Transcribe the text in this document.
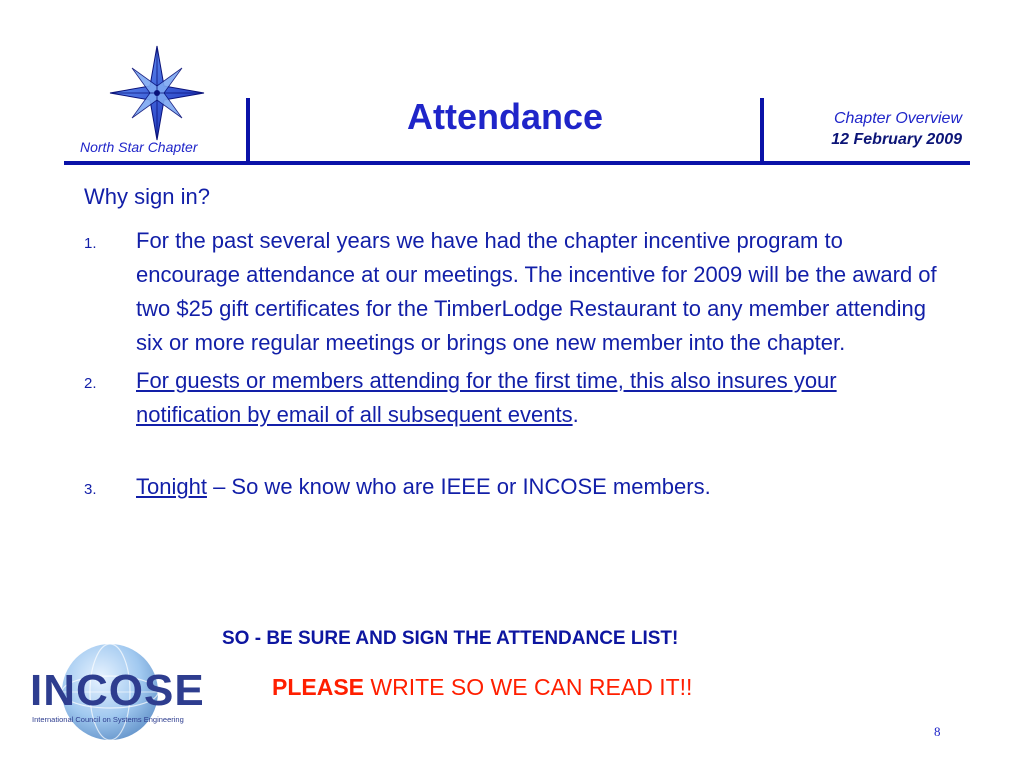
North Star Chapter
Attendance	Chapter Overview
12 February 2009
Why sign in?
1. For the past several years we have had the chapter incentive program to encourage attendance at our meetings. The incentive for 2009 will be the award of two $25 gift certificates for the TimberLodge Restaurant to any member attending six or more regular meetings or brings one new member into the chapter.
2. For guests or members attending for the first time, this also insures your notification by email of all subsequent events.
3. Tonight – So we know who are IEEE or INCOSE members.
SO - BE SURE AND SIGN THE ATTENDANCE LIST!
PLEASE WRITE SO WE CAN READ IT!!
INCOSE
International Council on Systems Engineering
8
